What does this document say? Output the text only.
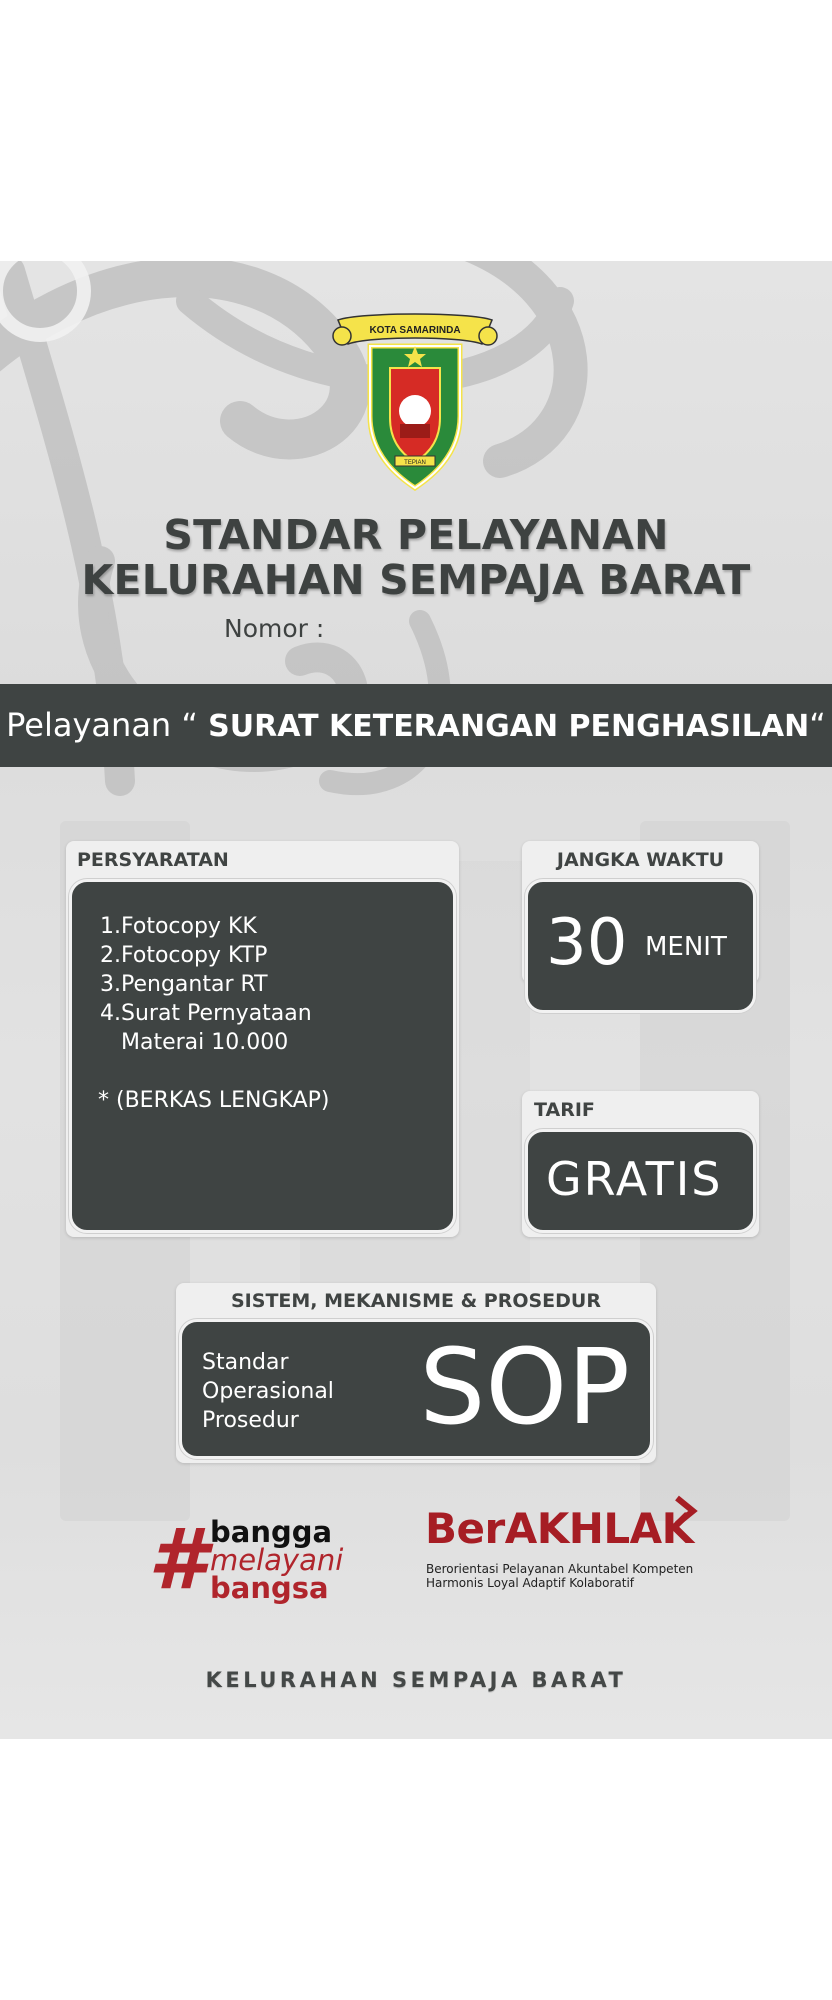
KOTA SAMARINDA
TEPIAN
STANDAR PELAYANAN
KELURAHAN SEMPAJA BARAT
Nomor :
Pelayanan “ SURAT KETERANGAN PENGHASILAN“
PERSYARATAN
1.Fotocopy KK
2.Fotocopy KTP
3.Pengantar RT
4.Surat Pernyataan
Materai 10.000
* (BERKAS LENGKAP)
JANGKA WAKTU
30 MENIT
TARIF
GRATIS
SISTEM, MEKANISME & PROSEDUR
Standar
Operasional
Prosedur	SOP
# bangga
melayani
bangsa
BerAKHLAK
Berorientasi Pelayanan Akuntabel Kompeten
Harmonis Loyal Adaptif Kolaboratif
KELURAHAN SEMPAJA BARAT
